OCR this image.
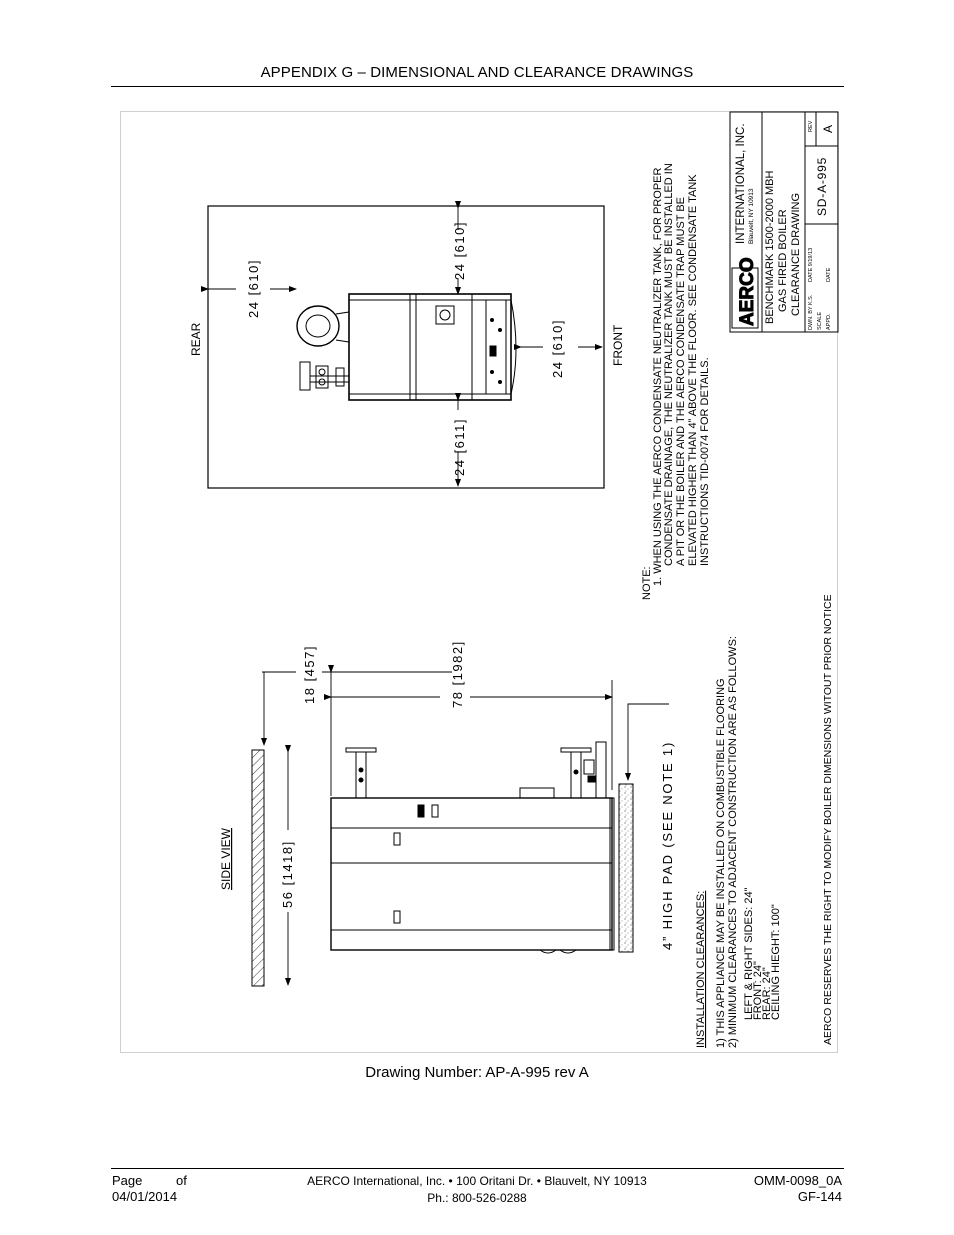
APPENDIX G – DIMENSIONAL AND CLEARANCE DRAWINGS
REAR	FRONT
24 [610]
24 [610]
24 [611]
24 [610]
SIDE VIEW	56 [1418]
18 [457]	78 [1982]
4” HIGH PAD (SEE NOTE 1)
NOTE: 1. WHEN USING THE AERCO CONDENSATE NEUTRALIZER TANK, FOR PROPER CONDENSATE DRAINAGE, THE NEUTRALIZER TANK MUST BE INSTALLED IN A PIT OR THE BOILER AND THE AERCO CONDENSATE TRAP MUST BE ELEVATED HIGHER THAN 4” ABOVE THE FLOOR. SEE CONDENSATE TANK INSTRUCTIONS TID-0074 FOR DETAILS.
INSTALLATION CLEARANCES: 1) THIS APPLIANCE MAY BE INSTALLED ON COMBUSTIBLE FLOORING 2) MINIMUM CLEARANCES TO ADJACENT CONSTRUCTION ARE AS FOLLOWS: LEFT & RIGHT SIDES: 24"
FRONT: 24"
REAR: 24"
CEILING HIEGHT: 100"	AERCO RESERVES THE RIGHT TO MODIFY BOILER DIMENSIONS WITOUT PRIOR NOTICE
AERCO
INTERNATIONAL, INC. Blauvelt, NY 10913 BENCHMARK 1500-2000 MBH GAS FIRED BOILER CLEARANCE DRAWING DWN. BY K.S.
DATE 9/19/13
SCALE APPD.
DATE
SD-A-995
REV A
Drawing Number: AP-A-995 rev A
Page	of
04/01/2014
AERCO International, Inc. • 100 Oritani Dr. • Blauvelt, NY 10913
Ph.: 800-526-0288
OMM-0098_0A
GF-144
